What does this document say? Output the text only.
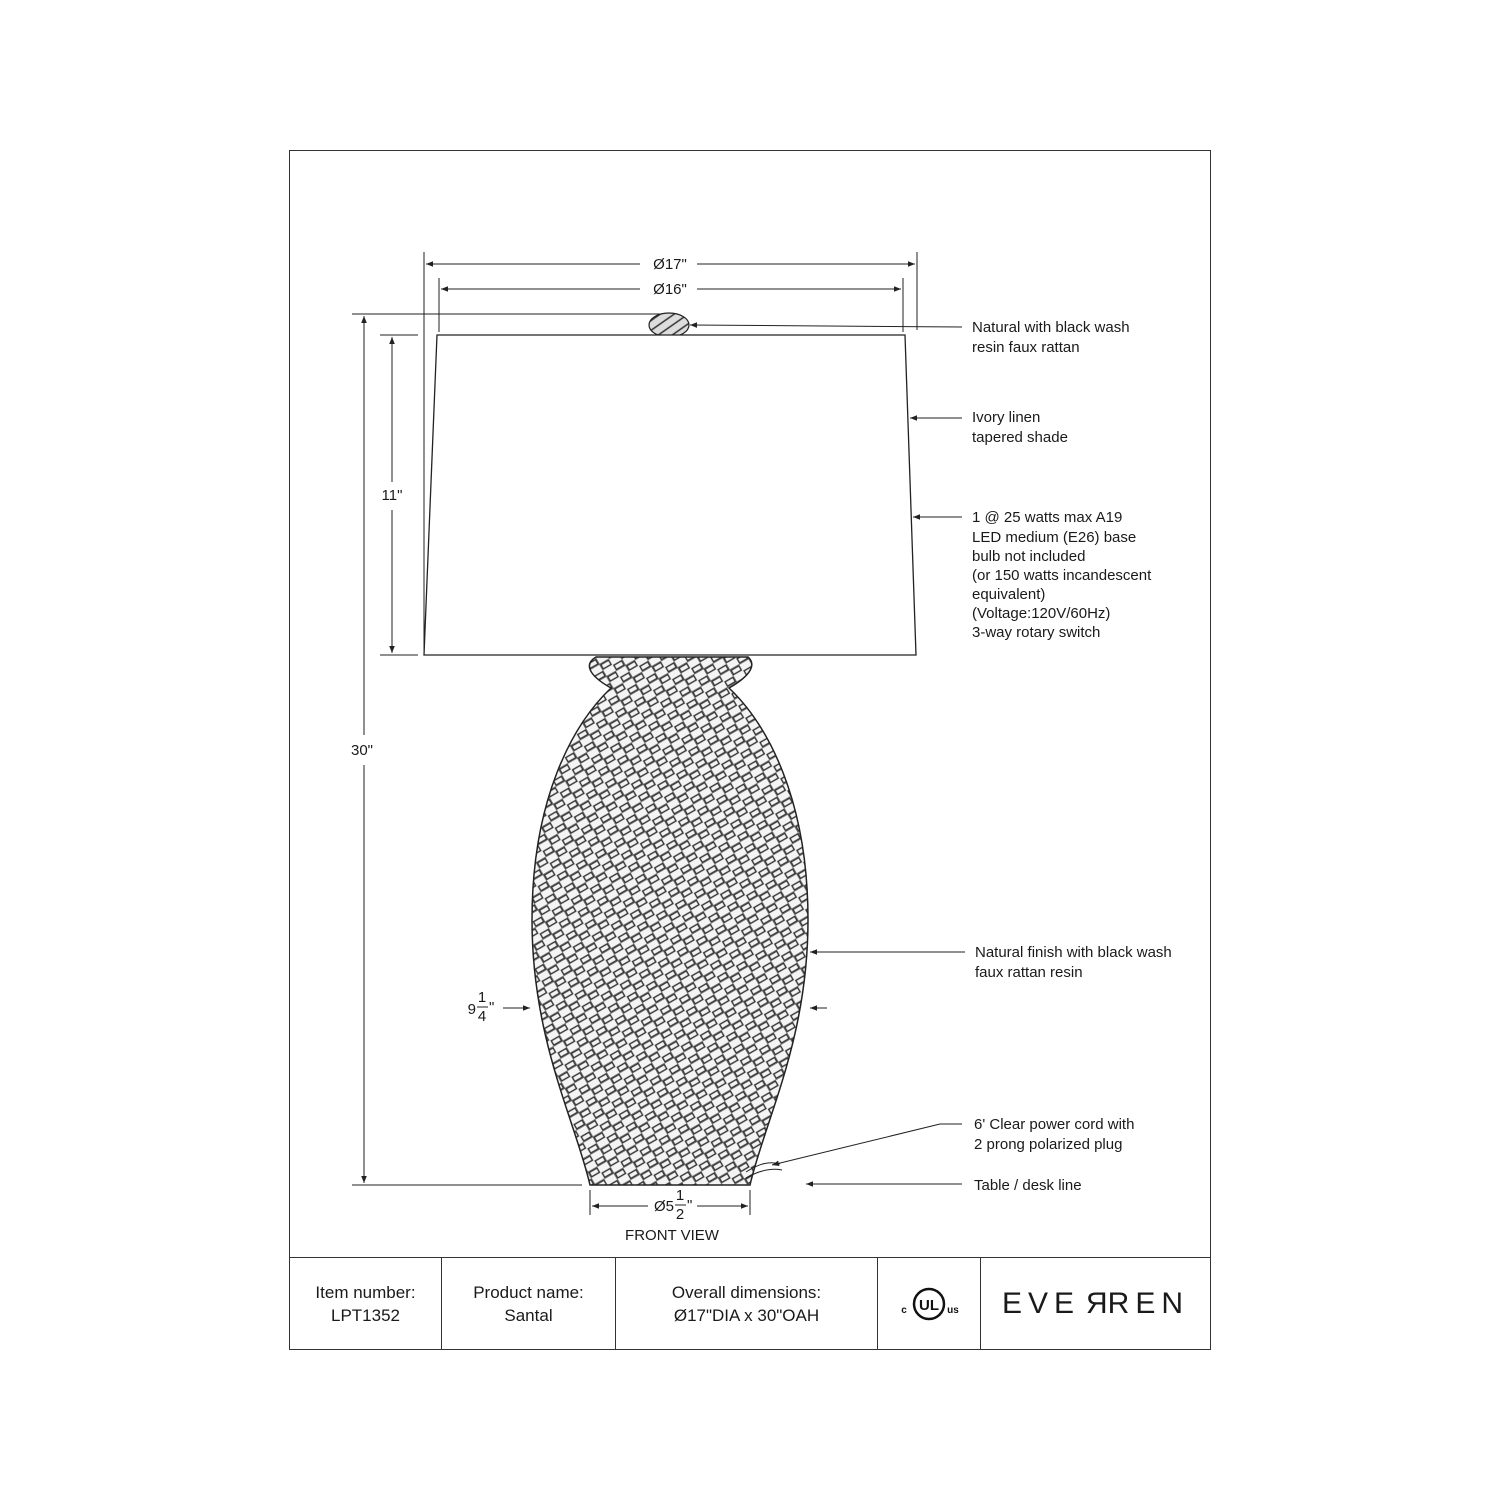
Ø17"
Ø16"
30"
11"
9
1
4
"
Ø5
1
2
"
FRONT VIEW
Natural with black wash resin faux rattan
Ivory linen tapered shade
1 @ 25 watts max A19 LED medium (E26) base bulb not included (or 150 watts incandescent equivalent) (Voltage:120V/60Hz) 3-way rotary switch
Natural finish with black wash faux rattan resin
6' Clear power cord with 2 prong polarized plug
Table / desk line
Item number:
LPT1352
Product name:
Santal
Overall dimensions:
Ø17"DIA x 30"OAH
UL
c	us EVERREN
